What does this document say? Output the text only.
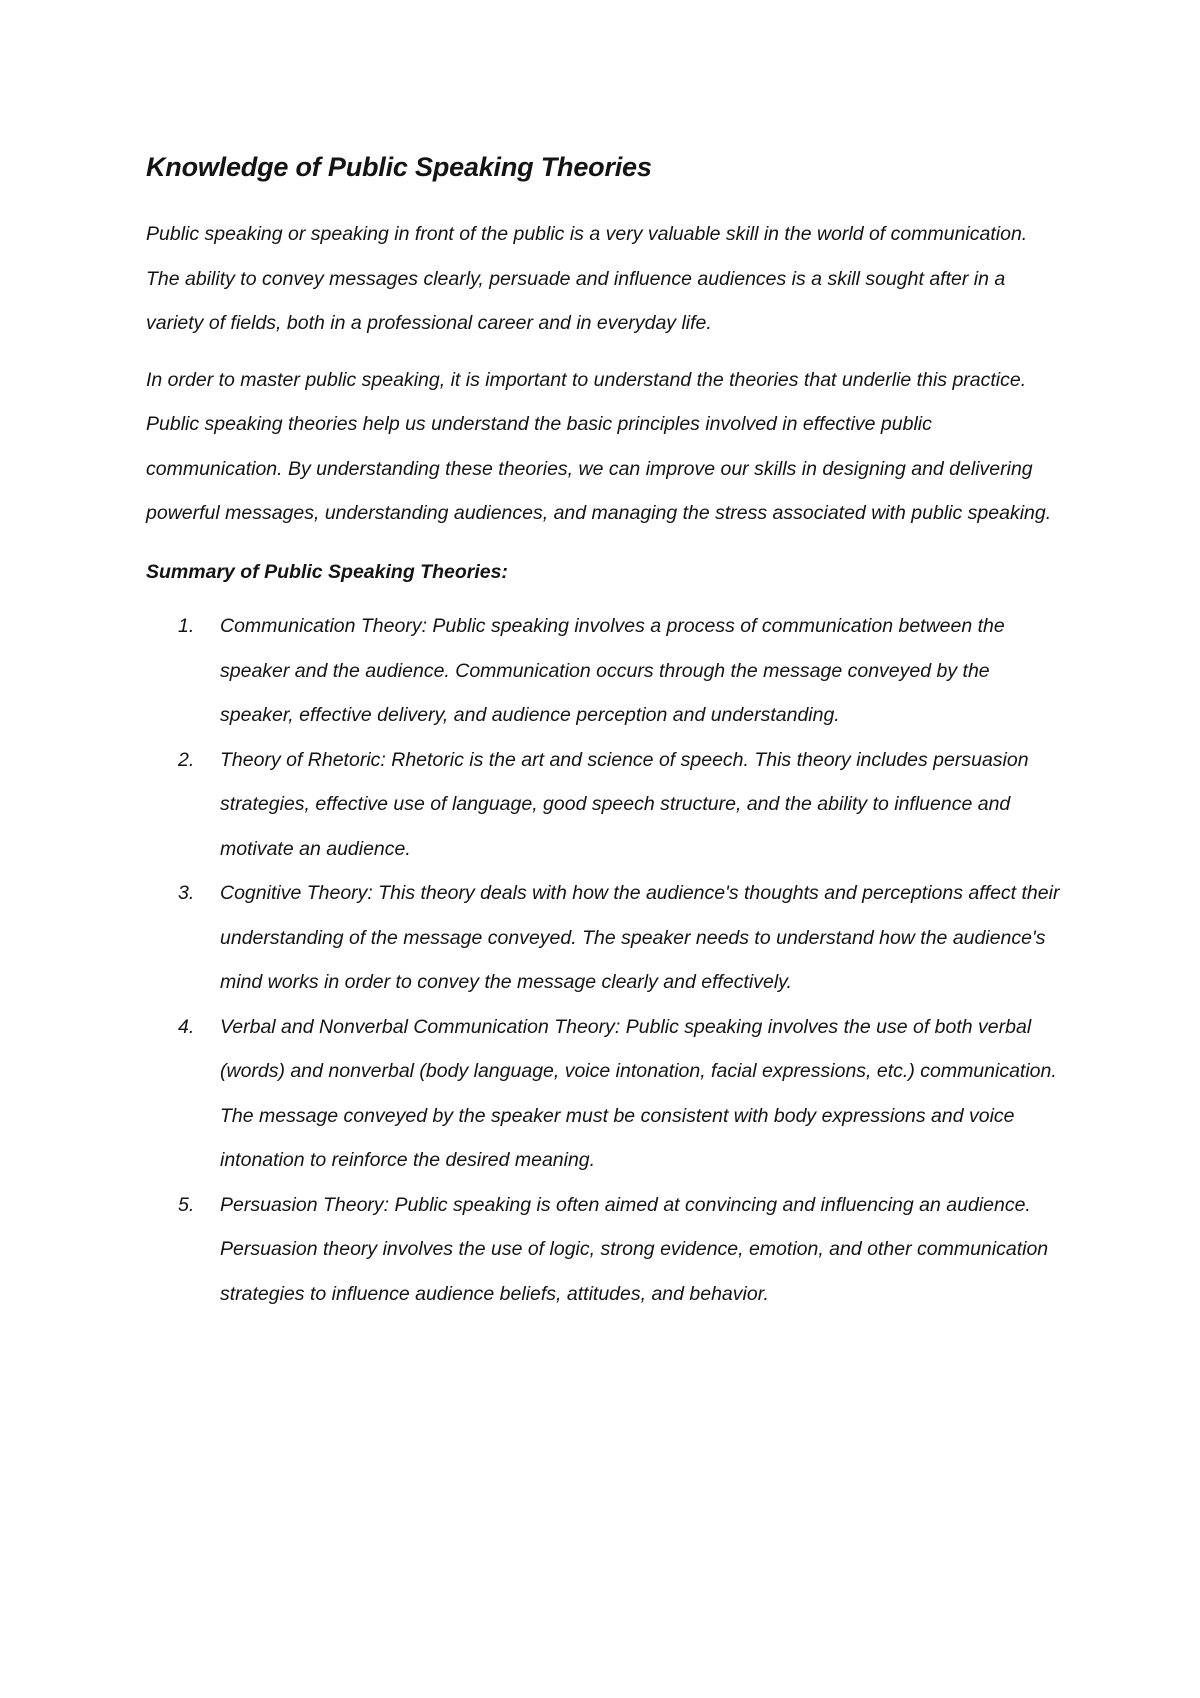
Knowledge of Public Speaking Theories

Public speaking or speaking in front of the public is a very valuable skill in the world of communication. The ability to convey messages clearly, persuade and influence audiences is a skill sought after in a variety of fields, both in a professional career and in everyday life.

In order to master public speaking, it is important to understand the theories that underlie this practice. Public speaking theories help us understand the basic principles involved in effective public communication. By understanding these theories, we can improve our skills in designing and delivering powerful messages, understanding audiences, and managing the stress associated with public speaking.

Summary of Public Speaking Theories:

1. Communication Theory: Public speaking involves a process of communication between the speaker and the audience. Communication occurs through the message conveyed by the speaker, effective delivery, and audience perception and understanding.
2. Theory of Rhetoric: Rhetoric is the art and science of speech. This theory includes persuasion strategies, effective use of language, good speech structure, and the ability to influence and motivate an audience.
3. Cognitive Theory: This theory deals with how the audience's thoughts and perceptions affect their understanding of the message conveyed. The speaker needs to understand how the audience's mind works in order to convey the message clearly and effectively.
4. Verbal and Nonverbal Communication Theory: Public speaking involves the use of both verbal (words) and nonverbal (body language, voice intonation, facial expressions, etc.) communication. The message conveyed by the speaker must be consistent with body expressions and voice intonation to reinforce the desired meaning.
5. Persuasion Theory: Public speaking is often aimed at convincing and influencing an audience. Persuasion theory involves the use of logic, strong evidence, emotion, and other communication strategies to influence audience beliefs, attitudes, and behavior.
